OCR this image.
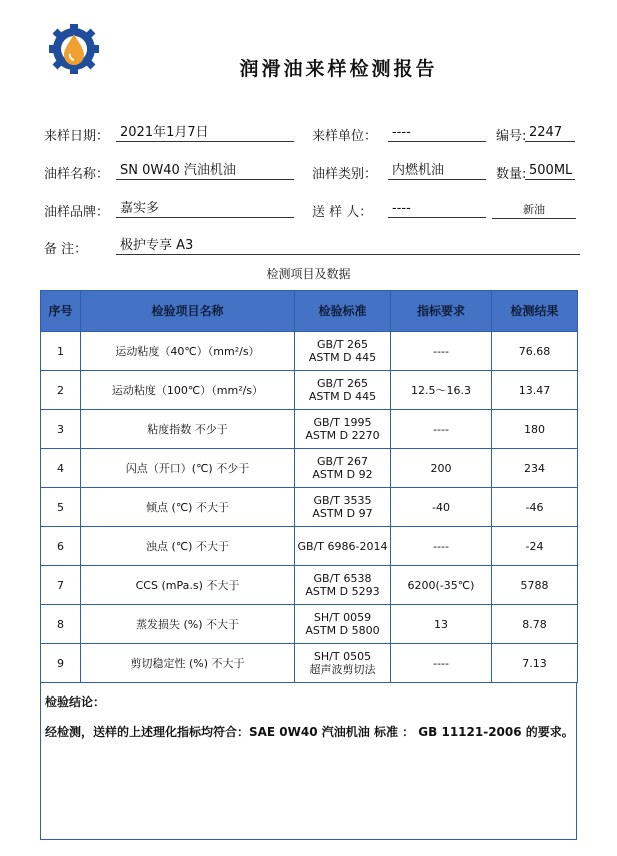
润滑油来样检测报告
来样日期： 2021年1月7日	来样单位：	----	编号: 2247
油样名称： SN 0W40 汽油机油	油样类别：	内燃机油	数量: 500ML
油样品牌： 嘉实多	送 样 人：	----	新油
备 注：	极护专享 A3
检测项目及数据
序号	检验项目名称	检验标准	指标要求	检测结果
1	运动粘度（40℃）（mm²/s）	GB/T 265
ASTM D 445	----	76.68
2	运动粘度（100℃）（mm²/s）	GB/T 265
ASTM D 445	12.5～16.3	13.47
3	粘度指数 不少于	GB/T 1995
ASTM D 2270	----	180
4	闪点（开口）(℃) 不少于	GB/T 267
ASTM D 92	200	234
5	倾点 (℃) 不大于	GB/T 3535
ASTM D 97	-40	-46
6	浊点 (℃) 不大于	GB/T 6986-2014	----	-24
7	CCS (mPa.s) 不大于	GB/T 6538
ASTM D 5293	6200(-35℃)	5788
8	蒸发损失 (%) 不大于	SH/T 0059
ASTM D 5800	13	8.78
9	剪切稳定性 (%) 不大于	SH/T 0505
超声波剪切法	----	7.13
检验结论：
经检测，送样的上述理化指标均符合：SAE 0W40 汽油机油 标准 ： GB 11121-2006 的要求。
